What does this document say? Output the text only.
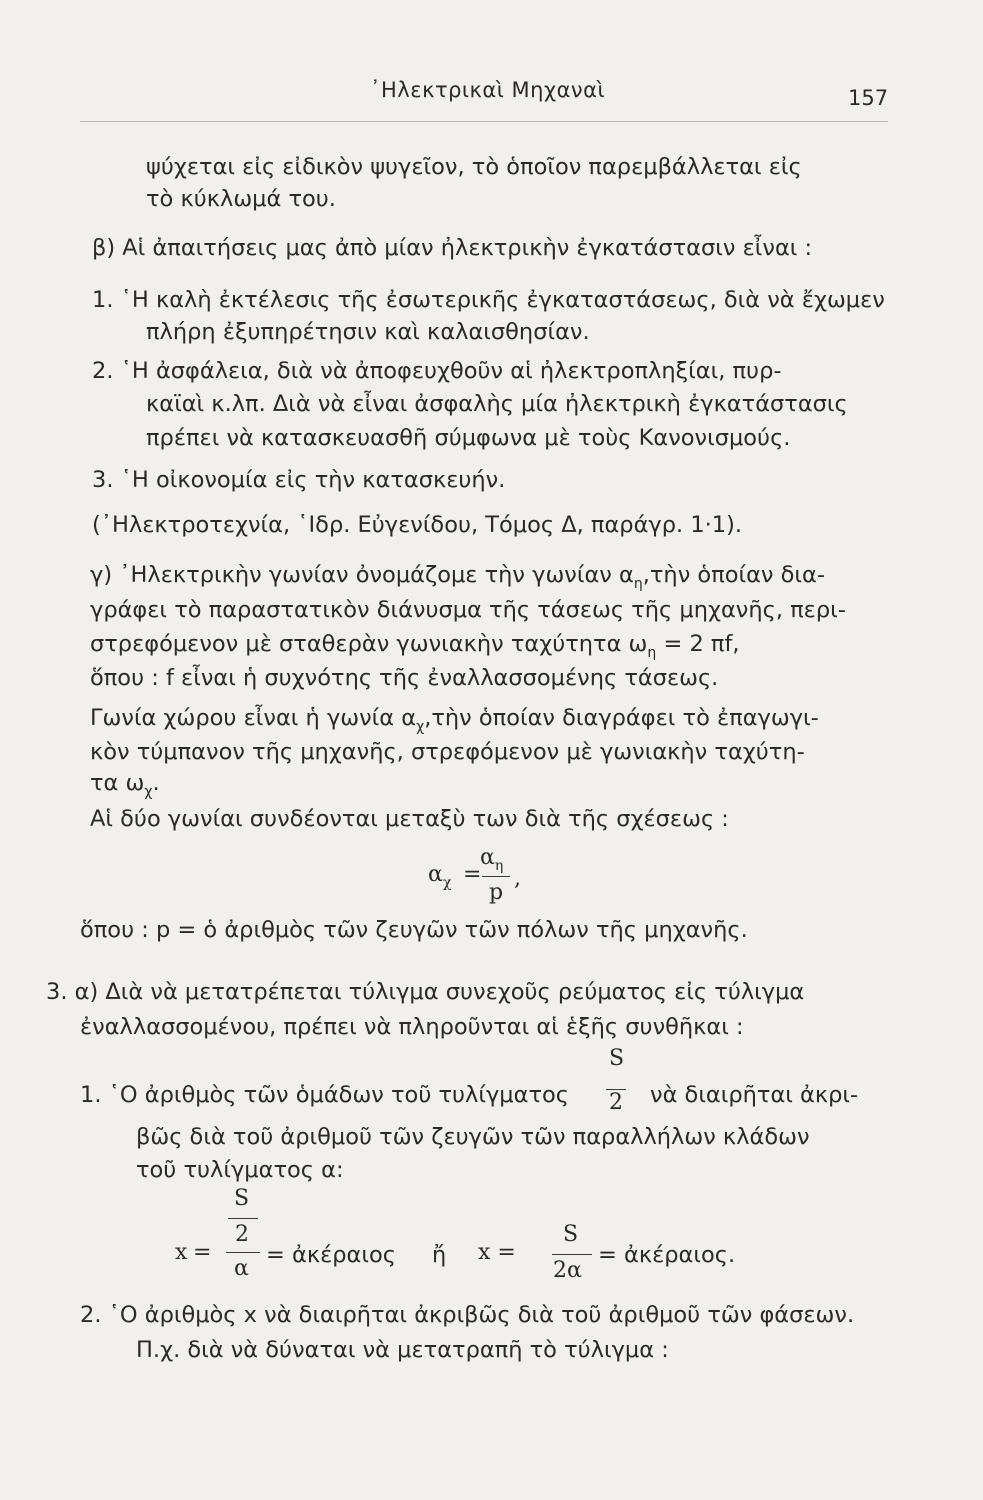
᾿Ηλεκτρικαὶ Μηχαναὶ	157
ψύχεται εἰς εἰδικὸν ψυγεῖον, τὸ ὁποῖον παρεμβάλλεται εἰς
τὸ κύκλωμά του.
β) Αἱ ἀπαιτήσεις μας ἀπὸ μίαν ἠλεκτρικὴν ἐγκατάστασιν εἶναι :
1. ῾Η καλὴ ἐκτέλεσις τῆς ἐσωτερικῆς ἐγκαταστάσεως, διὰ νὰ ἔχωμεν
πλήρη ἐξυπηρέτησιν καὶ καλαισθησίαν.
2. ῾Η ἀσφάλεια, διὰ νὰ ἀποφευχθοῦν αἱ ἠλεκτροπληξίαι, πυρ-
καϊαὶ κ.λπ. Διὰ νὰ εἶναι ἀσφαλὴς μία ἠλεκτρικὴ ἐγκατάστασις
πρέπει νὰ κατασκευασθῆ σύμφωνα μὲ τοὺς Κανονισμούς.
3. ῾Η οἰκονομία εἰς τὴν κατασκευήν.
(᾿Ηλεκτροτεχνία, ῾Ιδρ. Εὐγενίδου, Τόμος Δ, παράγρ. 1·1).
γ) ᾿Ηλεκτρικὴν γωνίαν ὀνομάζομε τὴν γωνίαν $\alpha_\eta,\tau ὴ\nu$ ὁποίαν δια-
γράφει τὸ παραστατικὸν διάνυσμα τῆς τάσεως τῆς μηχανῆς, περι-
στρεφόμενον μὲ σταθερὰν γωνιακὴν ταχύτητα $\omega_\eta = 2$ πf,
ὅπου : f εἶναι ἡ συχνότης τῆς ἐναλλασσομένης τάσεως.
Γωνία χώρου εἶναι ἡ γωνία $\alpha_\chi,\tau ὴ\nu$ ὁποίαν διαγράφει τὸ ἐπαγωγι-
κὸν τύμπανον τῆς μηχανῆς, στρεφόμενον μὲ γωνιακὴν ταχύτη-
τα $\omega_\chi$.
Αἱ δύο γωνίαι συνδέονται μεταξὺ των διὰ τῆς σχέσεως :
$\alpha_\chi$ =
$\alpha_\eta$
p
,
ὅπου : p = ὁ ἀριθμὸς τῶν ζευγῶν τῶν πόλων τῆς μηχανῆς.
3. α) Διὰ νὰ μετατρέπεται τύλιγμα συνεχοῦς ρεύματος εἰς τύλιγμα
ἐναλλασσομένου, πρέπει νὰ πληροῦνται αἱ ἑξῆς συνθῆκαι :
1. ῾Ο ἀριθμὸς τῶν ὁμάδων τοῦ τυλίγματος
S
2 νὰ διαιρῆται ἀκρι-
βῶς διὰ τοῦ ἀριθμοῦ τῶν ζευγῶν τῶν παραλλήλων κλάδων
τοῦ τυλίγματος α:
x =
S
2
α
= ἀκέραιος ἤ x =
S
2α
= ἀκέραιος.
2. ῾Ο ἀριθμὸς x νὰ διαιρῆται ἀκριβῶς διὰ τοῦ ἀριθμοῦ τῶν φάσεων.
Π.χ. διὰ νὰ δύναται νὰ μετατραπῆ τὸ τύλιγμα :
